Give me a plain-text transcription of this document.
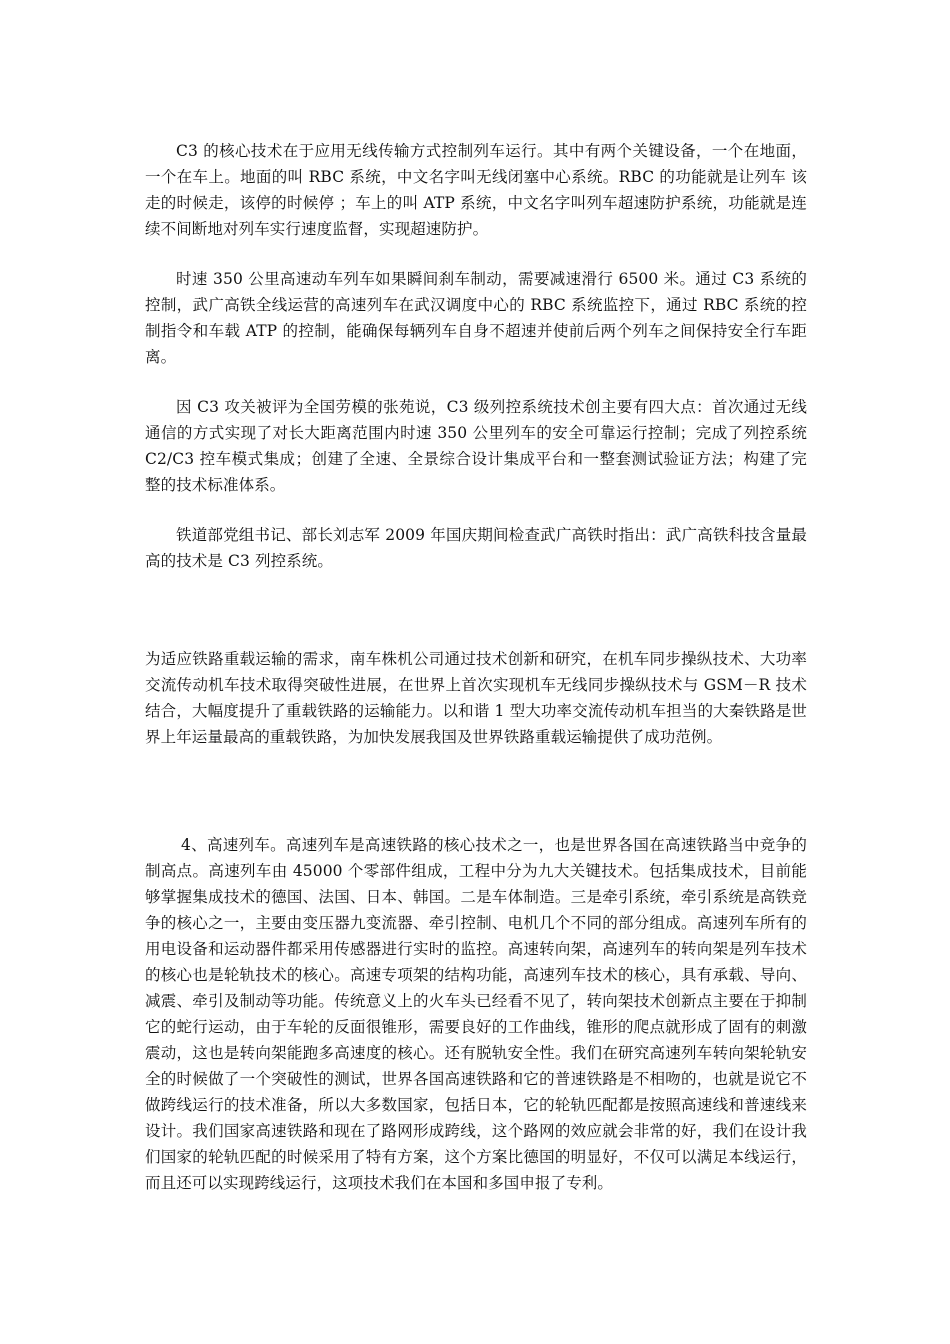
C3 的核心技术在于应用无线传输方式控制列车运行。其中有两个关键设备，一个在地面，一个在车上。地面的叫 RBC 系统，中文名字叫无线闭塞中心系统。RBC 的功能就是让列车 该走的时候走，该停的时候停 ；车上的叫 ATP 系统，中文名字叫列车超速防护系统，功能就是连续不间断地对列车实行速度监督，实现超速防护。

时速 350 公里高速动车列车如果瞬间刹车制动，需要减速滑行 6500 米。通过 C3 系统的控制，武广高铁全线运营的高速列车在武汉调度中心的 RBC 系统监控下，通过 RBC 系统的控制指令和车载 ATP 的控制，能确保每辆列车自身不超速并使前后两个列车之间保持安全行车距离。

因 C3 攻关被评为全国劳模的张苑说，C3 级列控系统技术创主要有四大点：首次通过无线通信的方式实现了对长大距离范围内时速 350 公里列车的安全可靠运行控制；完成了列控系统 C2/C3 控车模式集成；创建了全速、全景综合设计集成平台和一整套测试验证方法；构建了完整的技术标准体系。

铁道部党组书记、部长刘志军 2009 年国庆期间检查武广高铁时指出：武广高铁科技含量最高的技术是 C3 列控系统。

为适应铁路重载运输的需求，南车株机公司通过技术创新和研究，在机车同步操纵技术、大功率交流传动机车技术取得突破性进展，在世界上首次实现机车无线同步操纵技术与 GSM－R 技术结合，大幅度提升了重载铁路的运输能力。以和谐 1 型大功率交流传动机车担当的大秦铁路是世界上年运量最高的重载铁路，为加快发展我国及世界铁路重载运输提供了成功范例。

4、高速列车。高速列车是高速铁路的核心技术之一，也是世界各国在高速铁路当中竞争的制高点。高速列车由 45000 个零部件组成，工程中分为九大关键技术。包括集成技术，目前能够掌握集成技术的德国、法国、日本、韩国。二是车体制造。三是牵引系统，牵引系统是高铁竞争的核心之一，主要由变压器九变流器、牵引控制、电机几个不同的部分组成。高速列车所有的用电设备和运动器件都采用传感器进行实时的监控。高速转向架，高速列车的转向架是列车技术的核心也是轮轨技术的核心。高速专项架的结构功能，高速列车技术的核心，具有承载、导向、减震、牵引及制动等功能。传统意义上的火车头已经看不见了，转向架技术创新点主要在于抑制它的蛇行运动，由于车轮的反面很锥形，需要良好的工作曲线，锥形的爬点就形成了固有的刺激震动，这也是转向架能跑多高速度的核心。还有脱轨安全性。我们在研究高速列车转向架轮轨安全的时候做了一个突破性的测试，世界各国高速铁路和它的普速铁路是不相吻的，也就是说它不做跨线运行的技术准备，所以大多数国家，包括日本，它的轮轨匹配都是按照高速线和普速线来设计。我们国家高速铁路和现在了路网形成跨线，这个路网的效应就会非常的好，我们在设计我们国家的轮轨匹配的时候采用了特有方案，这个方案比德国的明显好，不仅可以满足本线运行，而且还可以实现跨线运行，这项技术我们在本国和多国申报了专利。
